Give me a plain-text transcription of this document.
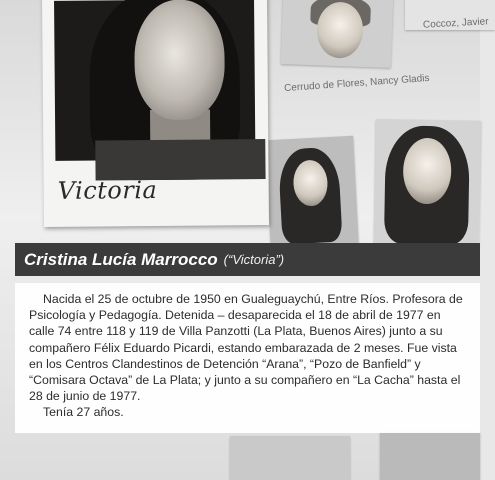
Cerrudo de Flores, Nancy Gladis
Coccoz, Javier
Victoria
Cristina Lucía Marrocco (“Victoria”)

Nacida el 25 de octubre de 1950 en Gualeguaychú, Entre Ríos. Profesora de Psicología y Pedagogía. Detenida – desaparecida el 18 de abril de 1977 en calle 74 entre 118 y 119 de Villa Panzotti (La Plata, Buenos Aires) junto a su compañero Félix Eduardo Picardi, estando embarazada de 2 meses. Fue vista en los Centros Clandestinos de Detención “Arana”, “Pozo de Banfield” y “Comisara Octava” de La Plata; y junto a su compañero en “La Cacha” hasta el 28 de junio de 1977.

Tenía 27 años.
